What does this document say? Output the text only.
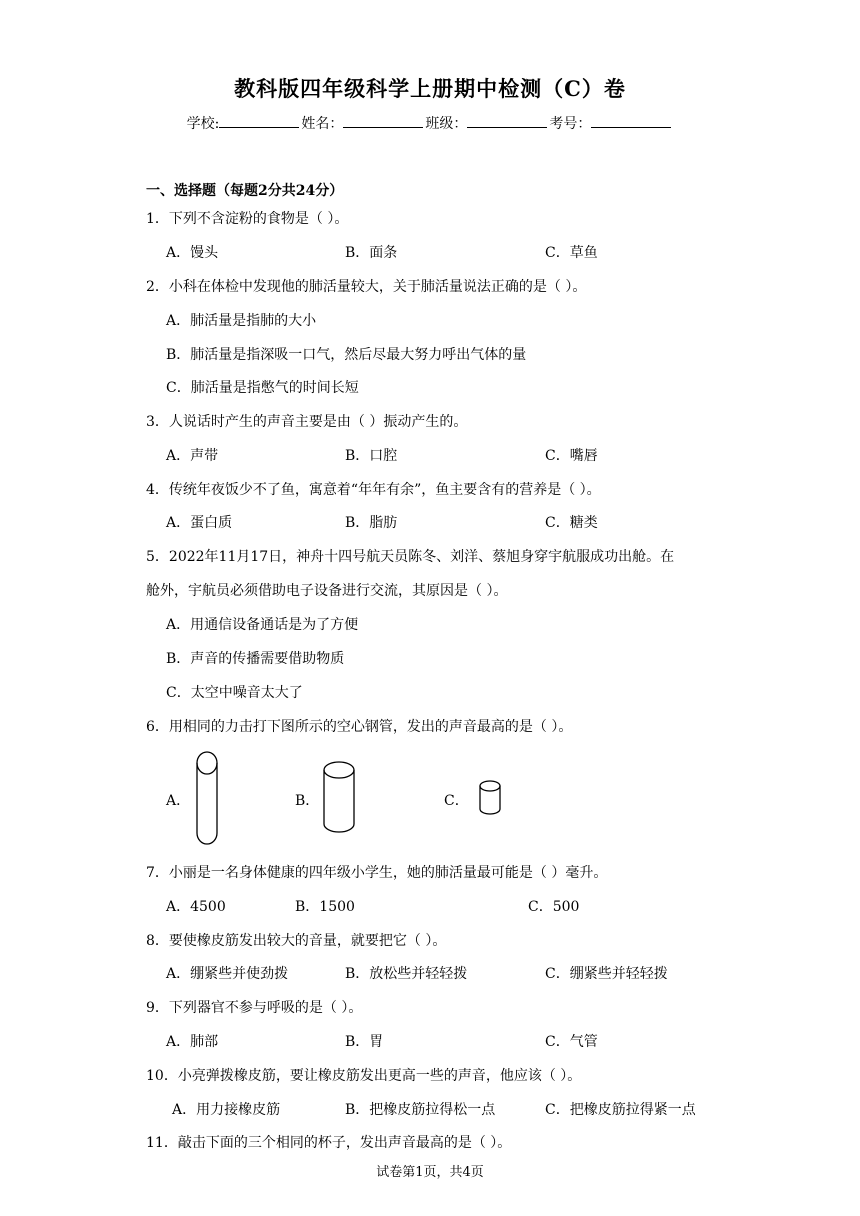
教科版四年级科学上册期中检测（C）卷
学校:	姓名：	班级：	考号：
一、选择题（每题2分共24分）
1．下列不含淀粉的食物是（ ）。
A．馒头	B．面条	C．草鱼
2．小科在体检中发现他的肺活量较大，关于肺活量说法正确的是（ ）。
A．肺活量是指肺的大小
B．肺活量是指深吸一口气，然后尽最大努力呼出气体的量
C．肺活量是指憋气的时间长短
3．人说话时产生的声音主要是由（ ）振动产生的。
A．声带	B．口腔	C．嘴唇
4．传统年夜饭少不了鱼，寓意着“年年有余”，鱼主要含有的营养是（ ）。
A．蛋白质	B．脂肪	C．糖类
5．2022年11月17日，神舟十四号航天员陈冬、刘洋、蔡旭身穿宇航服成功出舱。在
舱外，宇航员必须借助电子设备进行交流，其原因是（ ）。
A．用通信设备通话是为了方便
B．声音的传播需要借助物质
C．太空中噪音太大了
6．用相同的力击打下图所示的空心钢管，发出的声音最高的是（ ）。
A．	B．	C．
7．小丽是一名身体健康的四年级小学生，她的肺活量最可能是（ ）毫升。
A．4500	B．1500	C．500
8．要使橡皮筋发出较大的音量，就要把它（ ）。
A．绷紧些并使劲拨	B．放松些并轻轻拨	C．绷紧些并轻轻拨
9．下列器官不参与呼吸的是（ ）。
A．肺部	B．胃	C．气管
10．小亮弹拨橡皮筋，要让橡皮筋发出更高一些的声音，他应该（ ）。
A．用力接橡皮筋	B．把橡皮筋拉得松一点	C．把橡皮筋拉得紧一点
11．敲击下面的三个相同的杯子，发出声音最高的是（ ）。
试卷第1页，共4页
